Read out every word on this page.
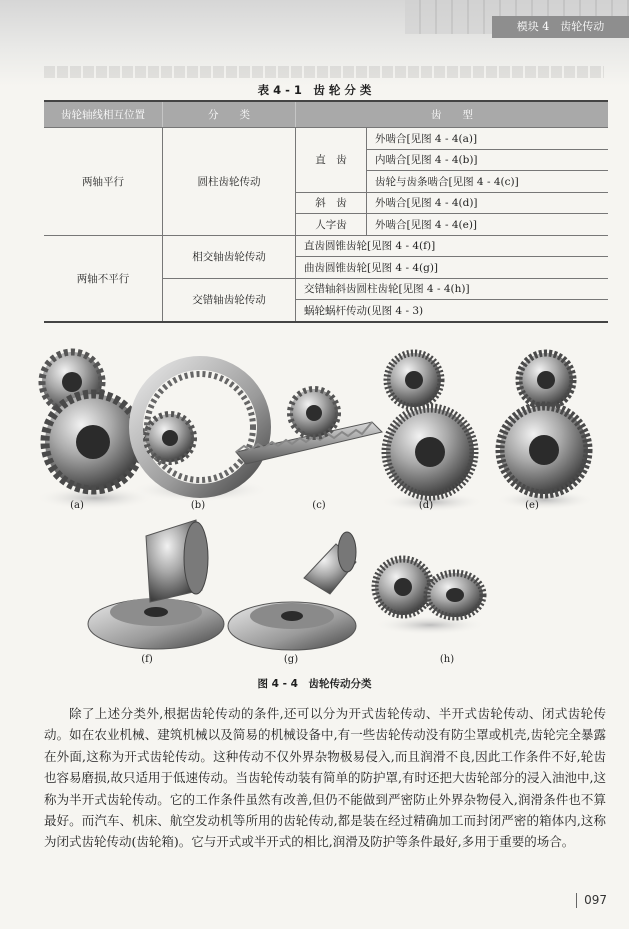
模块 4　齿轮传动
表 4 - 1　齿 轮 分 类
齿轮轴线相互位置	分　　类	齿　　型	
两轴平行	圆柱齿轮传动	直　齿	外啮合[见图 4 - 4(a)]
			内啮合[见图 4 - 4(b)]
			齿轮与齿条啮合[见图 4 - 4(c)]
		斜　齿	外啮合[见图 4 - 4(d)]
		人字齿	外啮合[见图 4 - 4(e)]
两轴不平行	相交轴齿轮传动	直齿圆锥齿轮[见图 4 - 4(f)]	
		曲齿圆锥齿轮[见图 4 - 4(g)]	
	交错轴齿轮传动	交错轴斜齿圆柱齿轮[见图 4 - 4(h)]	
		蜗轮蜗杆传动(见图 4 - 3)	
(a)	(b)	(c)	(d)	(e)
(f)	(g)	(h)
图 4 - 4　齿轮传动分类

除了上述分类外,根据齿轮传动的条件,还可以分为开式齿轮传动、半开式齿轮传动、闭式齿轮传动。如在农业机械、建筑机械以及简易的机械设备中,有一些齿轮传动没有防尘罩或机壳,齿轮完全暴露在外面,这称为开式齿轮传动。这种传动不仅外界杂物极易侵入,而且润滑不良,因此工作条件不好,轮齿也容易磨损,故只适用于低速传动。当齿轮传动装有简单的防护罩,有时还把大齿轮部分的浸入油池中,这称为半开式齿轮传动。它的工作条件虽然有改善,但仍不能做到严密防止外界杂物侵入,润滑条件也不算最好。而汽车、机床、航空发动机等所用的齿轮传动,都是装在经过精确加工而封闭严密的箱体内,这称为闭式齿轮传动(齿轮箱)。它与开式或半开式的相比,润滑及防护等条件最好,多用于重要的场合。

097
